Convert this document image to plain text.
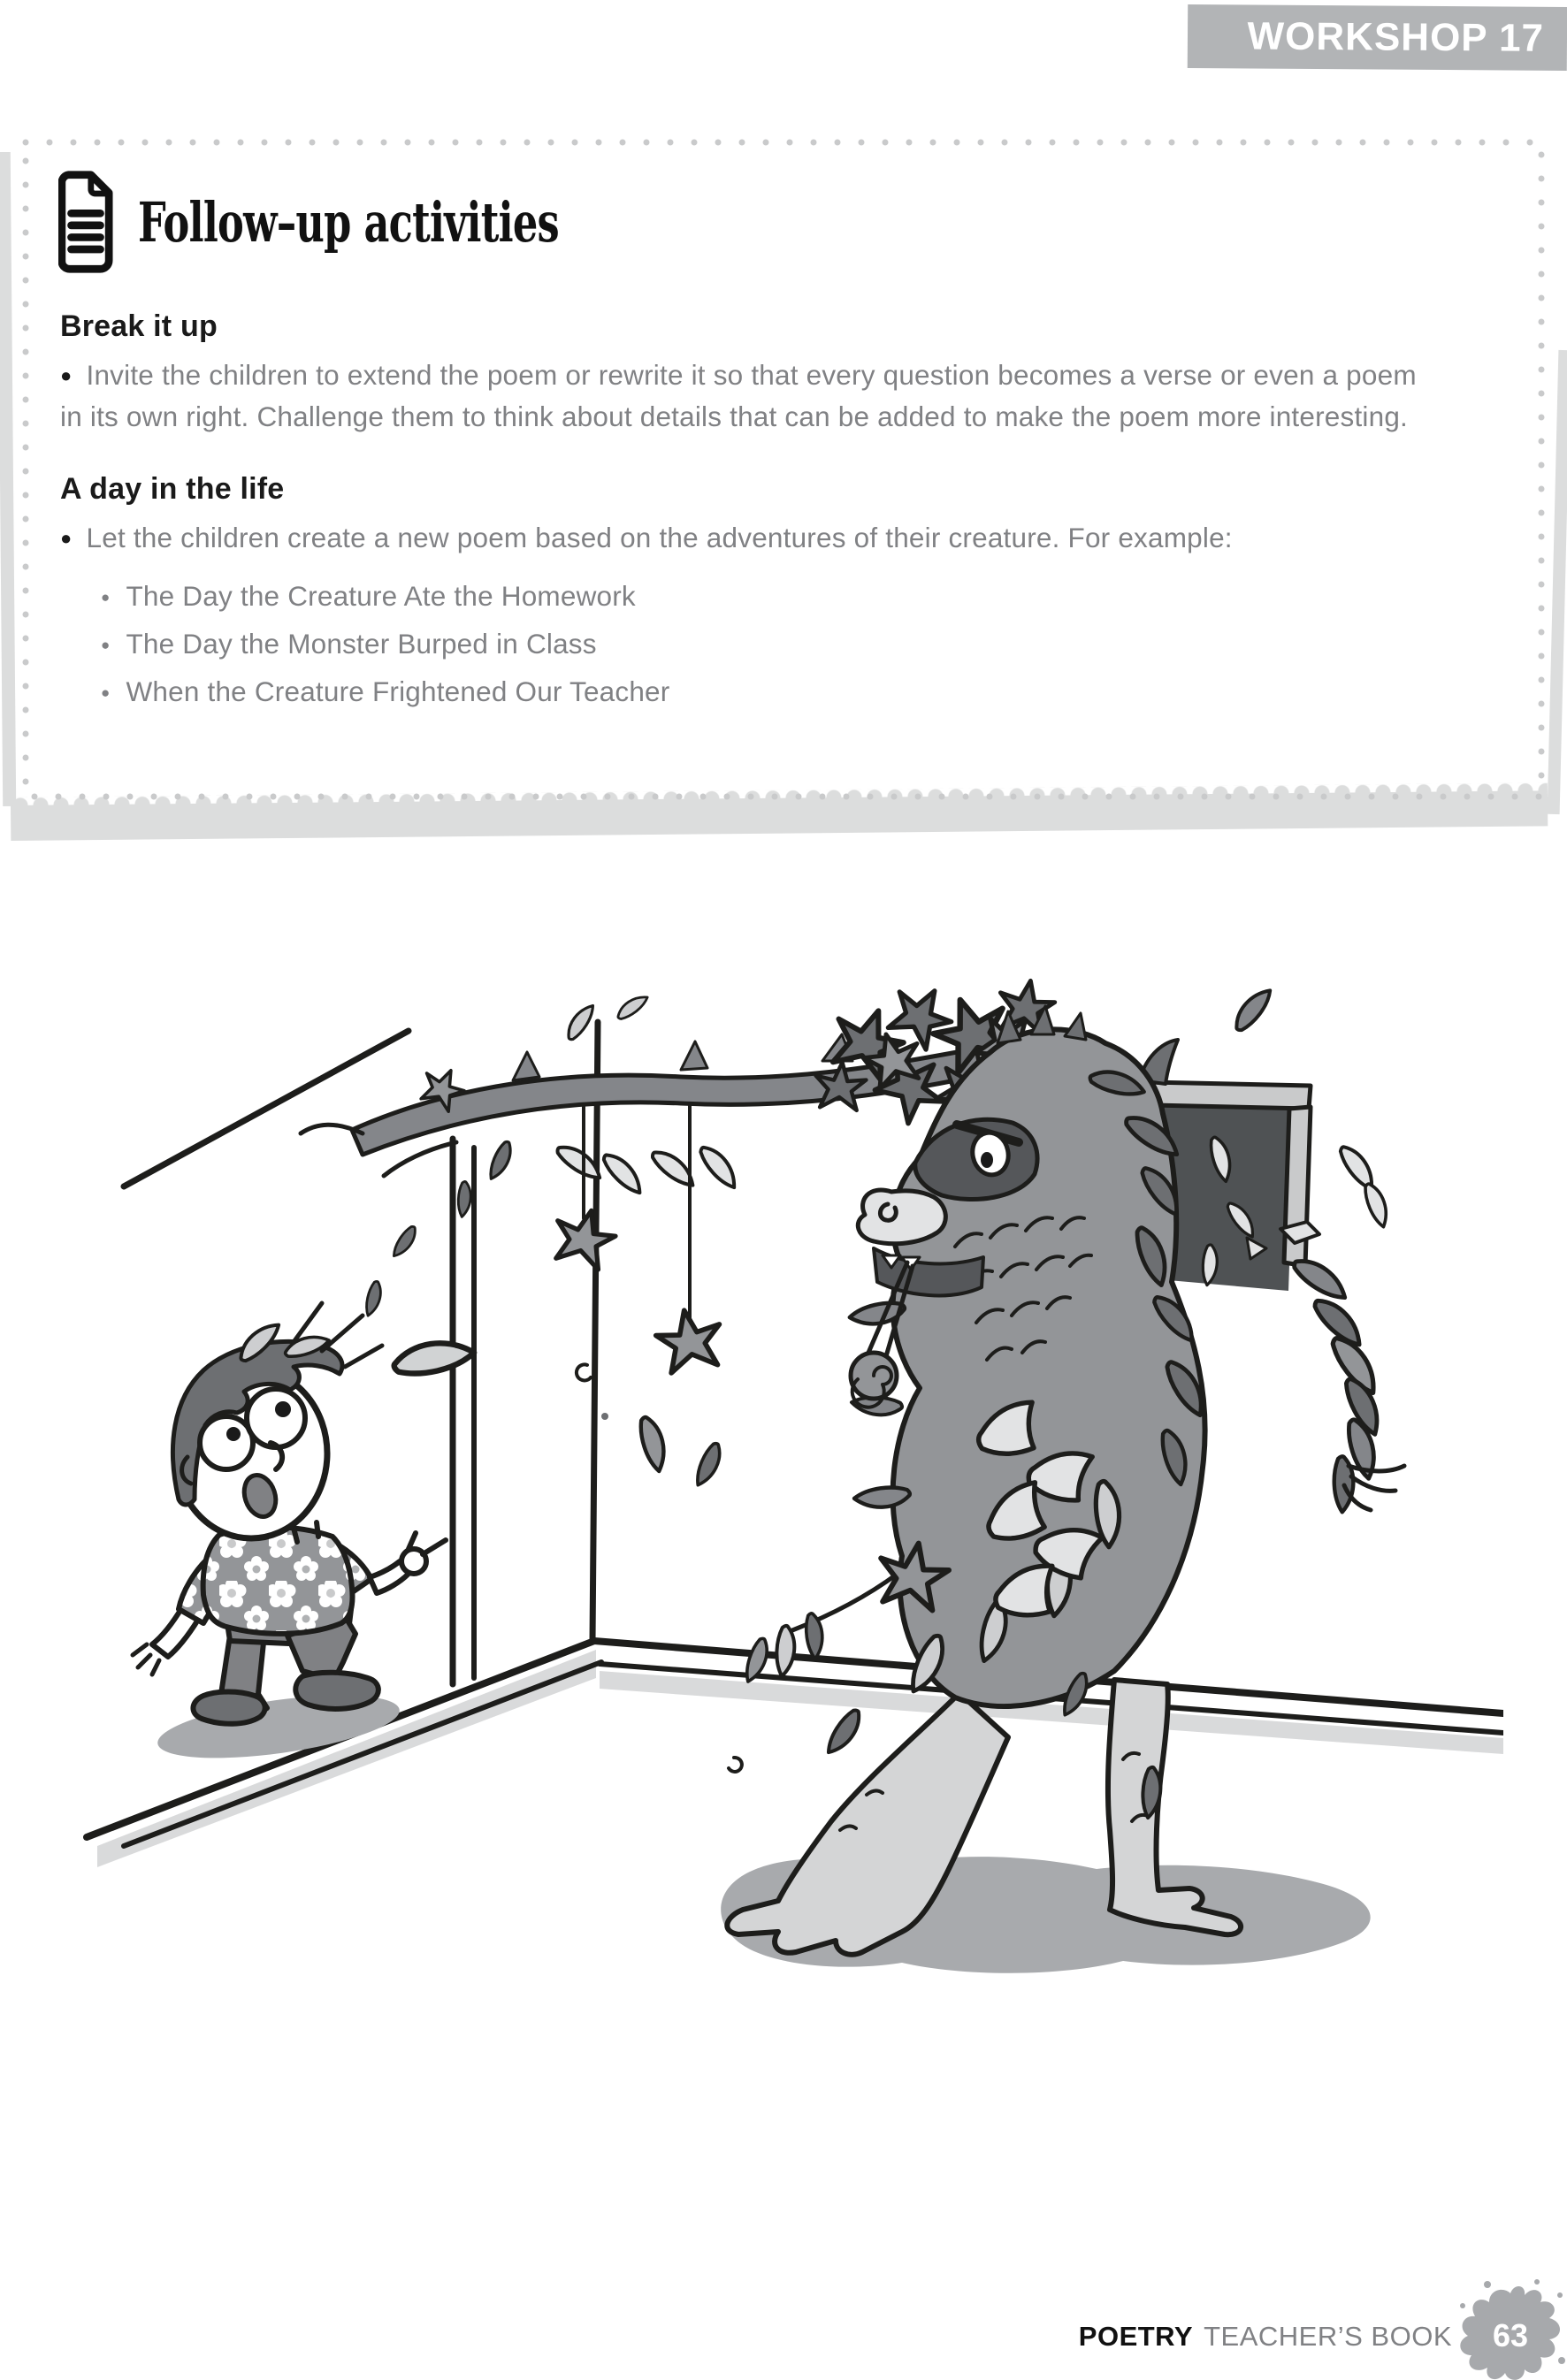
WORKSHOP 17
Follow–up activities
Break it up

● Invite the children to extend the poem or rewrite it so that every question becomes a verse or even a poem in its own right. Challenge them to think about details that can be added to make the poem more interesting.

A day in the life

● Let the children create a new poem based on the adventures of their creature. For example:

● The Day the Creature Ate the Homework
● The Day the Monster Burped in Class
● When the Creature Frightened Our Teacher
POETRY TEACHER’S BOOK 63
